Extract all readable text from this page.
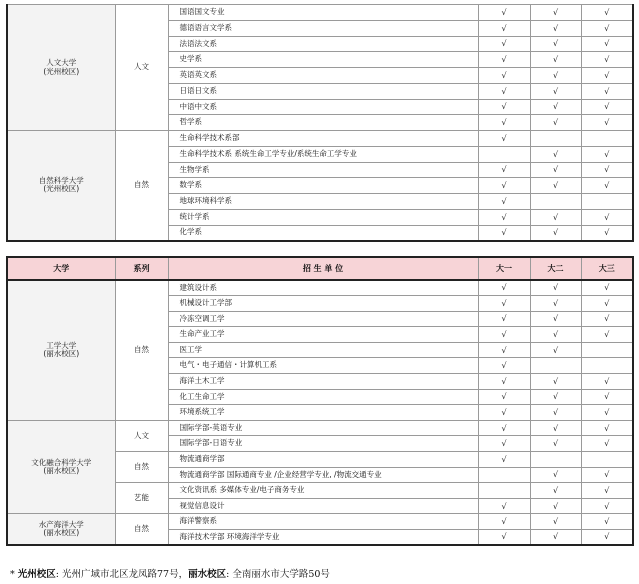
人文大学
(光州校区)	人文	国语国文专业	√	√	√
		德语语言文学系	√	√	√
		法语法文系	√	√	√
		史学系	√	√	√
		英语英文系	√	√	√
		日语日文系	√	√	√
		中语中文系	√	√	√
		哲学系	√	√	√
自然科学大学
(光州校区)	自然	生命科学技术系部	√		
		生命科学技术系 系统生命工学专业/系统生命工学专业		√	√
		生物学系	√	√	√
		数学系	√	√	√
		地球环境科学系	√		
		统计学系	√	√	√
		化学系	√	√	√
大学	系列	招 生 单 位	大一	大二	大三
工学大学
(丽水校区)	自然	建筑设计系	√	√	√
		机械设计工学部	√	√	√
		冷冻空调工学	√	√	√
		生命产业工学	√	√	√
		医工学	√	√	
		电气・电子通信・计算机工系	√		
		海洋土木工学	√	√	√
		化工生命工学	√	√	√
		环境系统工学	√	√	√
文化融合科学大学
(丽水校区)	人文	国际学部-英语专业	√	√	√
		国际学部-日语专业	√	√	√
	自然	物流通商学部	√		
		物流通商学部 国际通商专业 /企业经营学专业, /物流交通专业		√	√
	艺能	文化资讯系 多媒体专业/电子商务专业		√	√
		视觉信息设计	√	√	√
水产海洋大学
(丽水校区)	自然	海洋警察系	√	√	√
		海洋技术学部 环境海洋学专业	√	√	√
* 光州校区: 光州广域市北区龙凤路77号，丽水校区: 全南丽水市大学路50号
